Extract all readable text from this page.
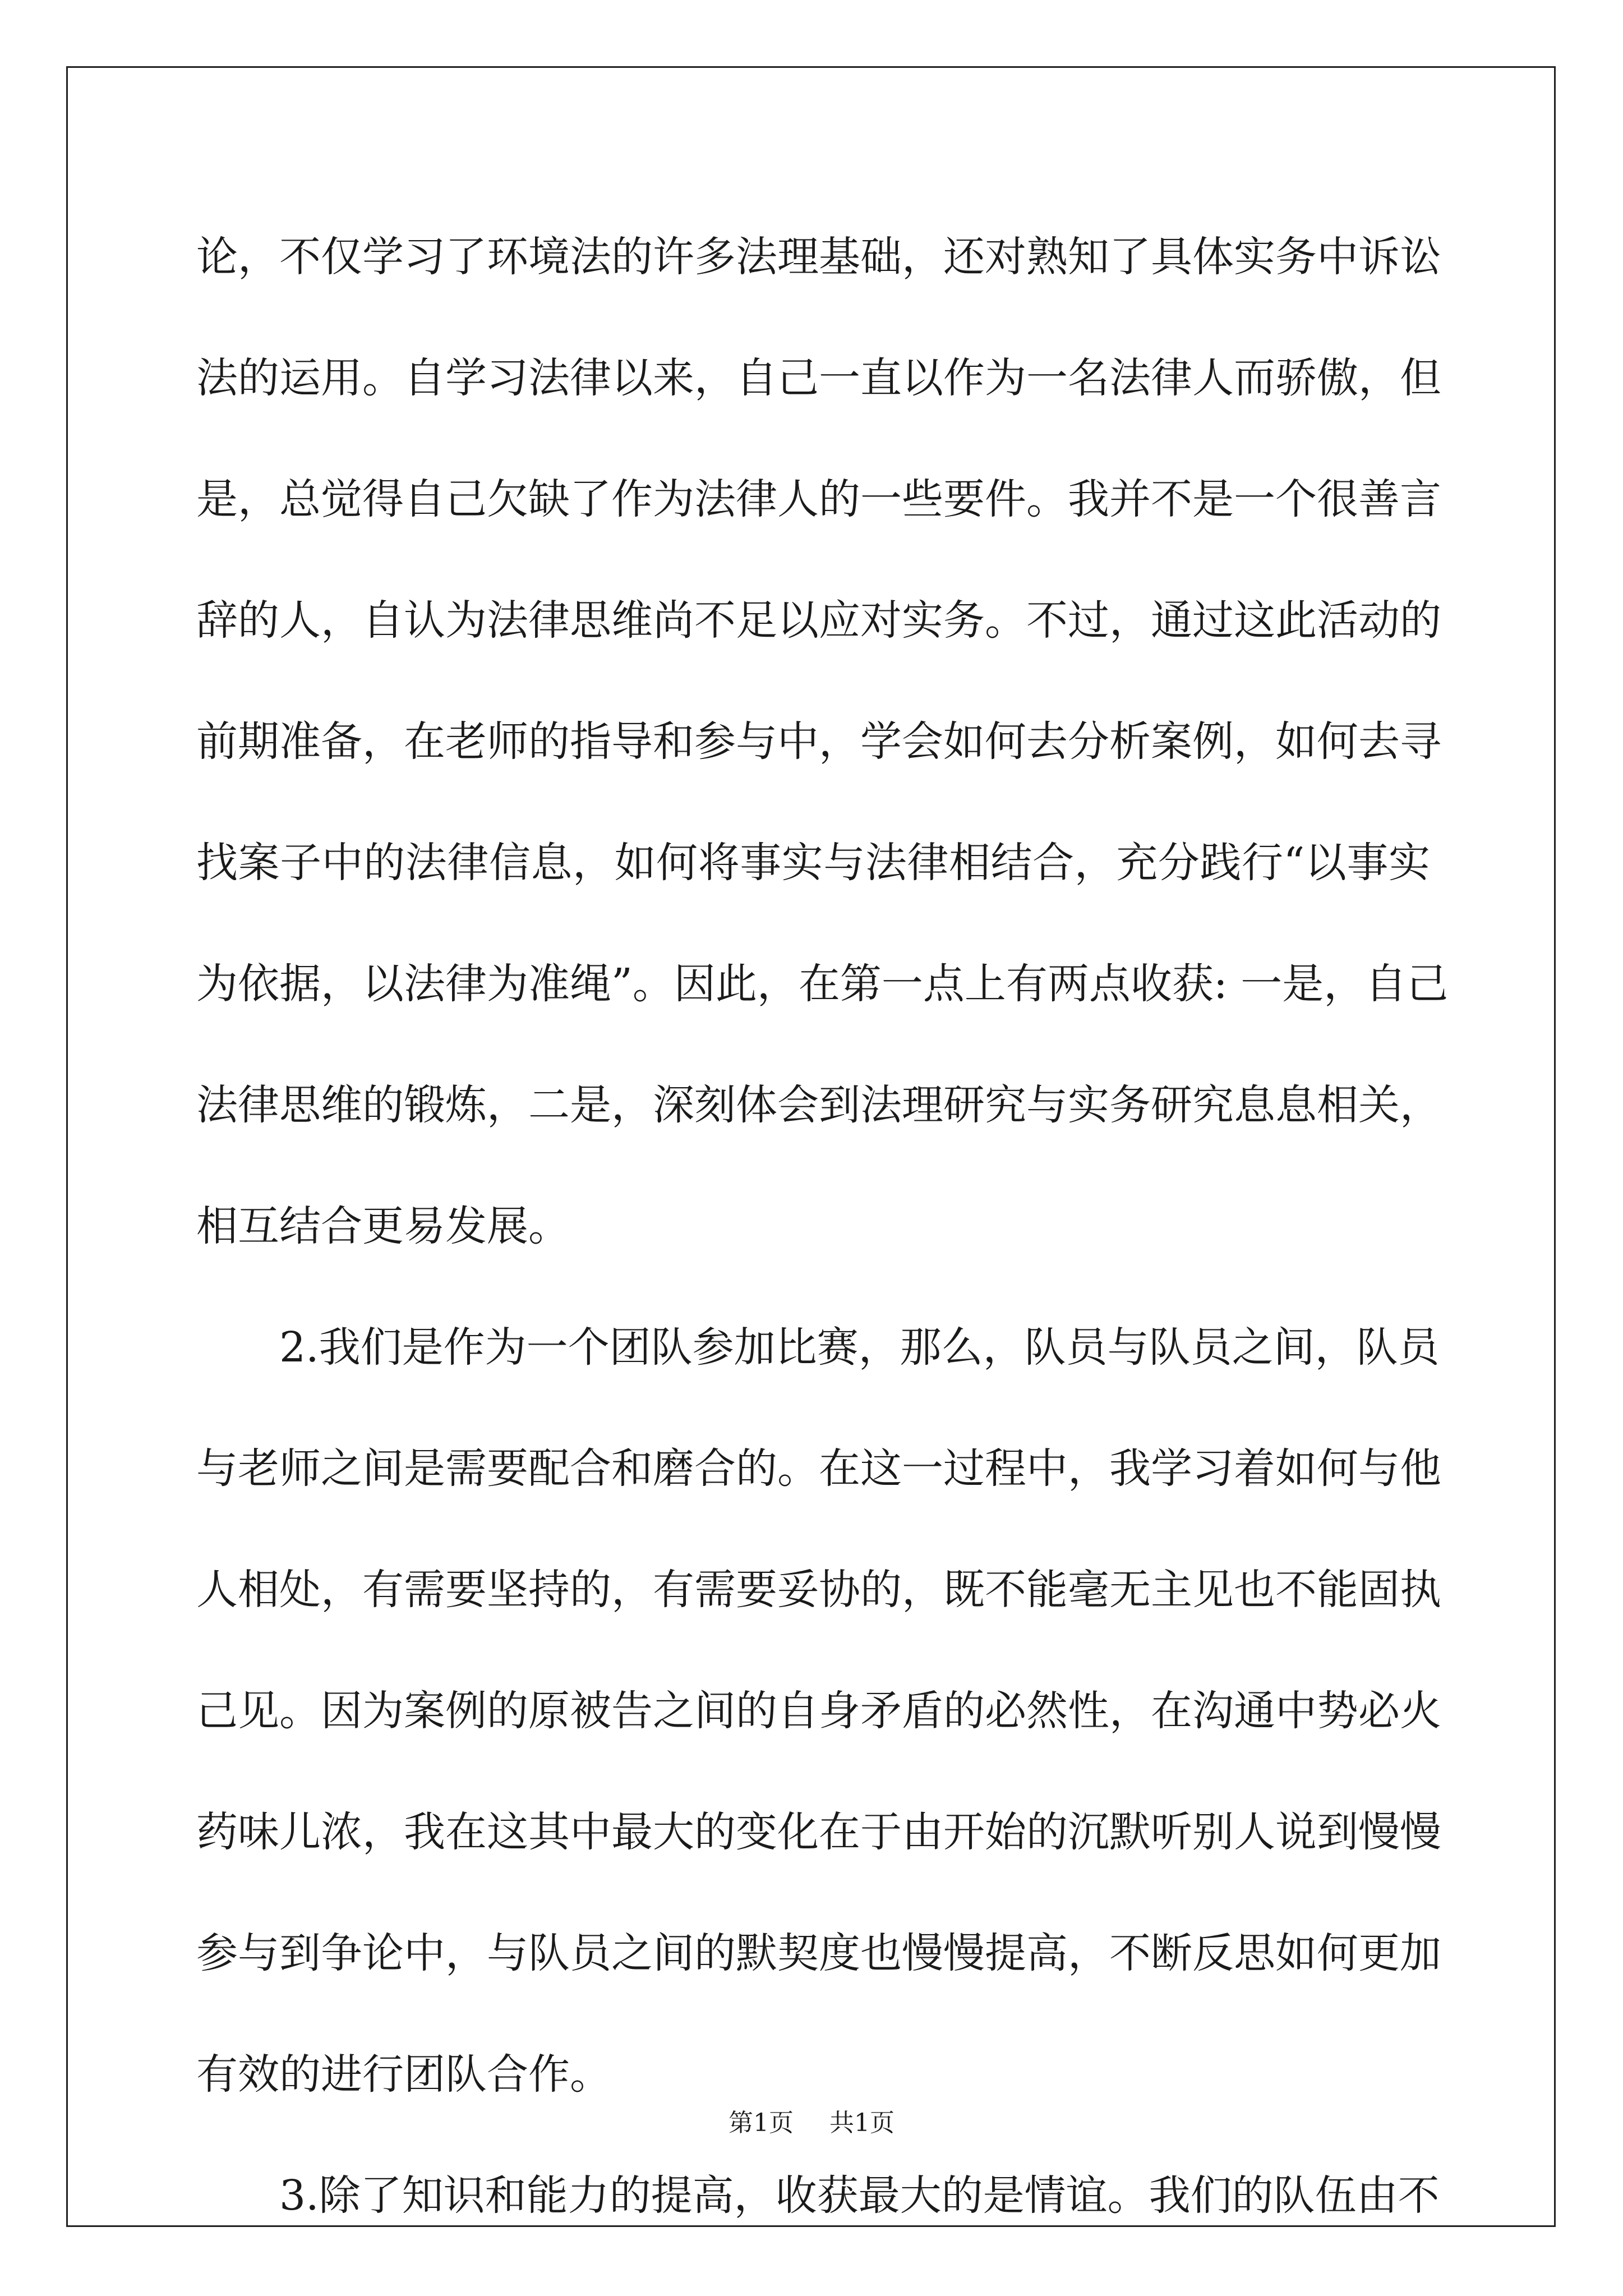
论，不仅学习了环境法的许多法理基础，还对熟知了具体实务中诉讼
法的运用。自学习法律以来，自己一直以作为一名法律人而骄傲，但
是，总觉得自己欠缺了作为法律人的一些要件。我并不是一个很善言
辞的人，自认为法律思维尚不足以应对实务。不过，通过这此活动的
前期准备，在老师的指导和参与中，学会如何去分析案例，如何去寻
找案子中的法律信息，如何将事实与法律相结合，充分践行“以事实
为依据，以法律为准绳”。因此，在第一点上有两点收获: 一是，自己
法律思维的锻炼，二是，深刻体会到法理研究与实务研究息息相关，
相互结合更易发展。
2.我们是作为一个团队参加比赛，那么，队员与队员之间，队员
与老师之间是需要配合和磨合的。在这一过程中，我学习着如何与他
人相处，有需要坚持的，有需要妥协的，既不能毫无主见也不能固执
己见。因为案例的原被告之间的自身矛盾的必然性，在沟通中势必火
药味儿浓，我在这其中最大的变化在于由开始的沉默听别人说到慢慢
参与到争论中，与队员之间的默契度也慢慢提高，不断反思如何更加
有效的进行团队合作。
3.除了知识和能力的提高，收获最大的是情谊。我们的队伍由不
第1页 共1页
